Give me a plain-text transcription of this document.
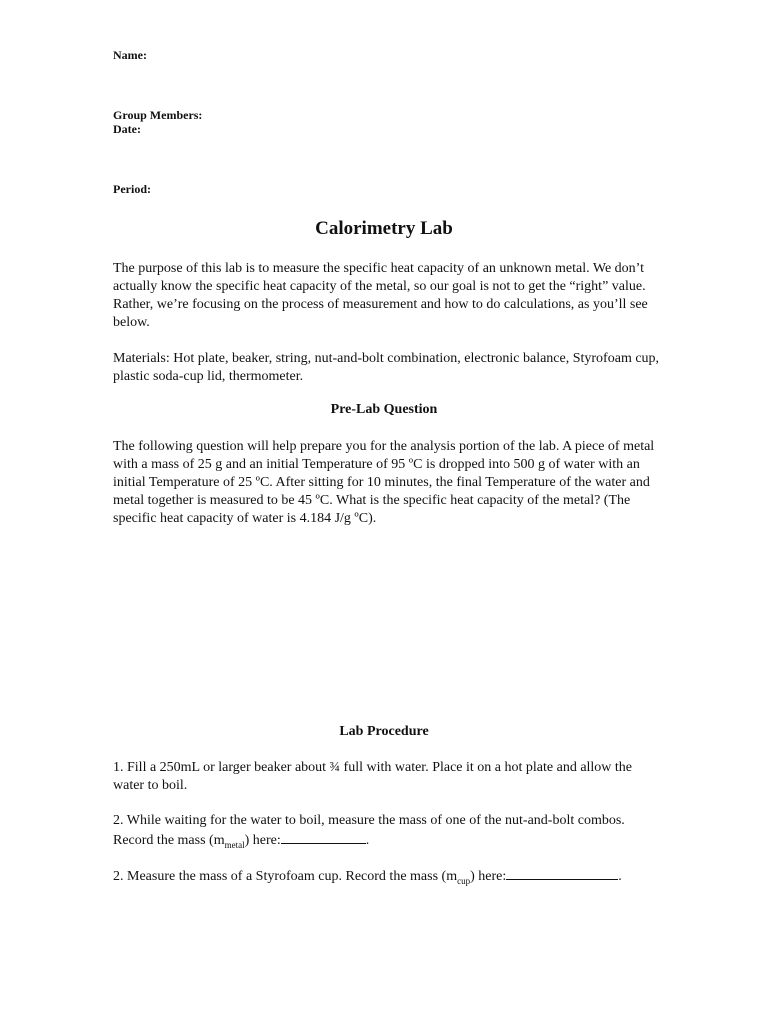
Name:
Group Members:
Date:
Period:
Calorimetry Lab

The purpose of this lab is to measure the specific heat capacity of an unknown metal. We don’t actually know the specific heat capacity of the metal, so our goal is not to get the “right” value. Rather, we’re focusing on the process of measurement and how to do calculations, as you’ll see below.

Materials: Hot plate, beaker, string, nut-and-bolt combination, electronic balance, Styrofoam cup, plastic soda-cup lid, thermometer.

Pre-Lab Question

The following question will help prepare you for the analysis portion of the lab. A piece of metal with a mass of 25 g and an initial Temperature of 95 ºC is dropped into 500 g of water with an initial Temperature of 25 ºC. After sitting for 10 minutes, the final Temperature of the water and metal together is measured to be 45 ºC. What is the specific heat capacity of the metal? (The specific heat capacity of water is 4.184 J/g ºC).

Lab Procedure

1. Fill a 250mL or larger beaker about ¾ full with water. Place it on a hot plate and allow the water to boil.

2. While waiting for the water to boil, measure the mass of one of the nut-and-bolt combos. Record the mass $(m_{metal})$ here:	.

2. Measure the mass of a Styrofoam cup. Record the mass $(m_{cup})$ here:	.
